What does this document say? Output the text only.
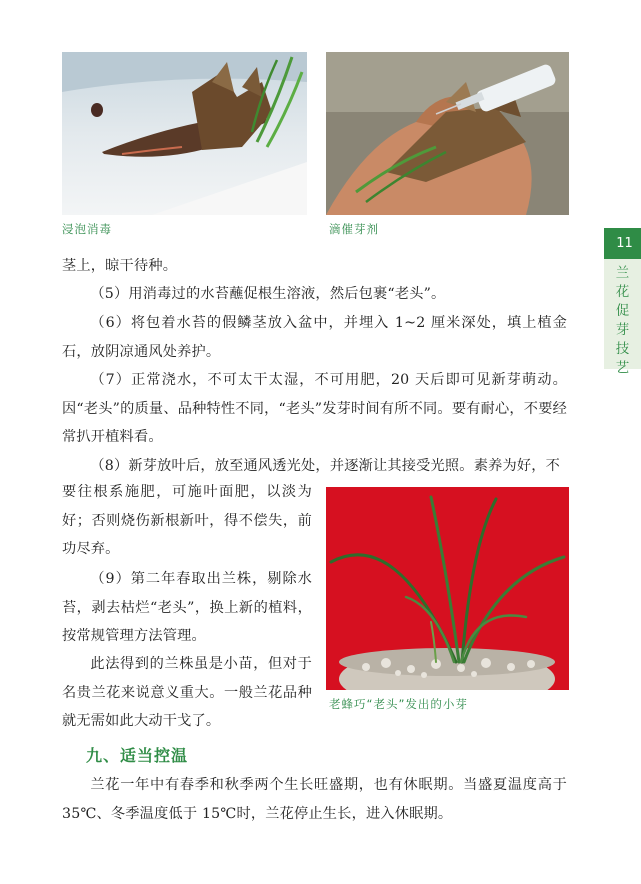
浸泡消毒	滴催芽剂
老蜂巧“老头”发出的小芽
11
兰
花
促
芽
技
艺

茎上，晾干待种。

（5）用消毒过的水苔蘸促根生溶液，然后包裹“老头”。

（6）将包着水苔的假鳞茎放入盆中，并埋入 1~2 厘米深处，填上植金石，放阴凉通风处养护。

（7）正常浇水，不可太干太湿，不可用肥，20 天后即可见新芽萌动。因“老头”的质量、品种特性不同，“老头”发芽时间有所不同。要有耐心，不要经常扒开植料看。

（8）新芽放叶后，放至通风透光处，并逐渐让其接受光照。素养为好，不

要往根系施肥，可施叶面肥，以淡为好；否则烧伤新根新叶，得不偿失，前功尽弃。

（9）第二年春取出兰株，剔除水苔，剥去枯烂“老头”，换上新的植料，按常规管理方法管理。

此法得到的兰株虽是小苗，但对于名贵兰花来说意义重大。一般兰花品种就无需如此大动干戈了。

九、适当控温

兰花一年中有春季和秋季两个生长旺盛期，也有休眠期。当盛夏温度高于 35℃、冬季温度低于 15℃时，兰花停止生长，进入休眠期。
